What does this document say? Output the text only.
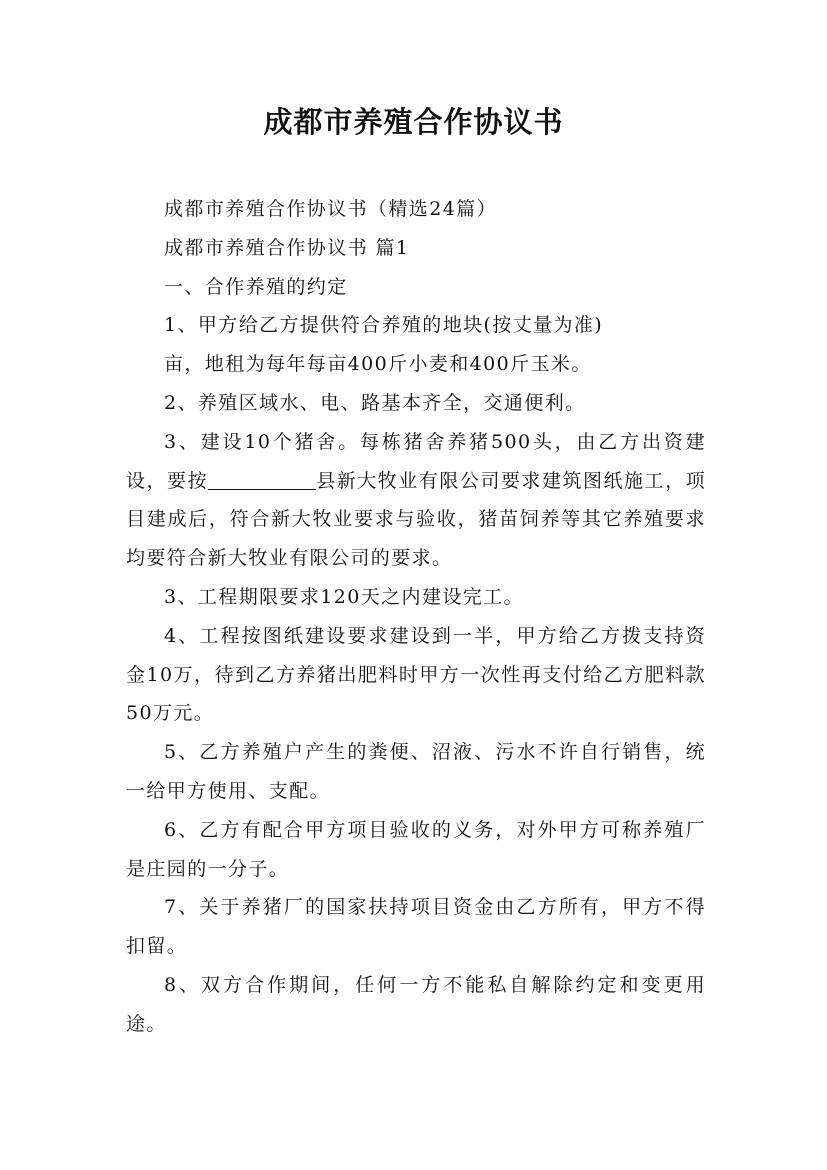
成都市养殖合作协议书

成都市养殖合作协议书（精选24篇）

成都市养殖合作协议书 篇1

一、合作养殖的约定

1、甲方给乙方提供符合养殖的地块(按丈量为准)

亩，地租为每年每亩400斤小麦和400斤玉米。

2、养殖区域水、电、路基本齐全，交通便利。

3、建设10个猪舍。每栋猪舍养猪500头，由乙方出资建设，要按	县新大牧业有限公司要求建筑图纸施工，项目建成后，符合新大牧业要求与验收，猪苗饲养等其它养殖要求均要符合新大牧业有限公司的要求。

3、工程期限要求120天之内建设完工。

4、工程按图纸建设要求建设到一半，甲方给乙方拨支持资金10万，待到乙方养猪出肥料时甲方一次性再支付给乙方肥料款50万元。

5、乙方养殖户产生的粪便、沼液、污水不许自行销售，统一给甲方使用、支配。

6、乙方有配合甲方项目验收的义务，对外甲方可称养殖厂是庄园的一分子。

7、关于养猪厂的国家扶持项目资金由乙方所有，甲方不得扣留。

8、双方合作期间，任何一方不能私自解除约定和变更用途。
